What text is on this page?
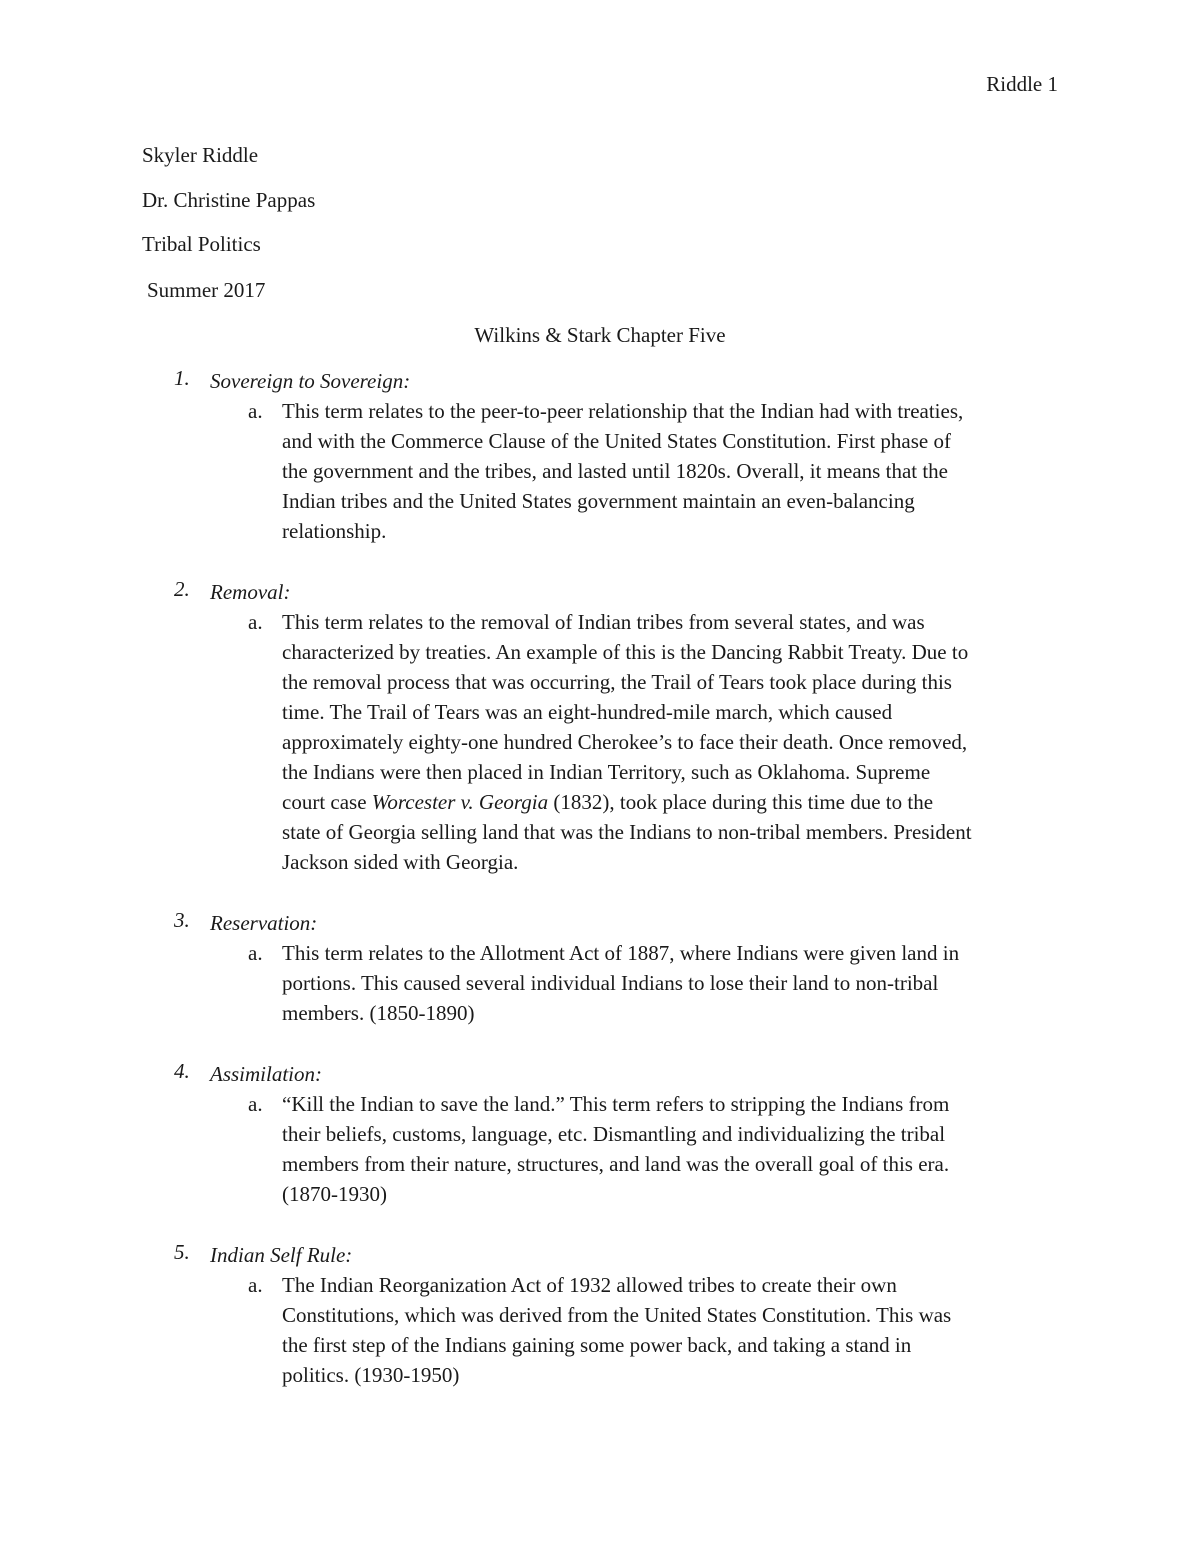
Riddle 1
Skyler Riddle
Dr. Christine Pappas
Tribal Politics
Summer 2017
Wilkins & Stark Chapter Five
1. Sovereign to Sovereign:
a. This term relates to the peer-to-peer relationship that the Indian had with treaties,
and with the Commerce Clause of the United States Constitution. First phase of
the government and the tribes, and lasted until 1820s. Overall, it means that the
Indian tribes and the United States government maintain an even-balancing
relationship.
2. Removal:
a. This term relates to the removal of Indian tribes from several states, and was
characterized by treaties. An example of this is the Dancing Rabbit Treaty. Due to
the removal process that was occurring, the Trail of Tears took place during this
time. The Trail of Tears was an eight-hundred-mile march, which caused
approximately eighty-one hundred Cherokee’s to face their death. Once removed,
the Indians were then placed in Indian Territory, such as Oklahoma. Supreme
court case Worcester v. Georgia (1832), took place during this time due to the
state of Georgia selling land that was the Indians to non-tribal members. President
Jackson sided with Georgia.
3. Reservation:
a. This term relates to the Allotment Act of 1887, where Indians were given land in
portions. This caused several individual Indians to lose their land to non-tribal
members. (1850-1890)
4. Assimilation:
a. “Kill the Indian to save the land.” This term refers to stripping the Indians from
their beliefs, customs, language, etc. Dismantling and individualizing the tribal
members from their nature, structures, and land was the overall goal of this era.
(1870-1930)
5. Indian Self Rule:
a. The Indian Reorganization Act of 1932 allowed tribes to create their own
Constitutions, which was derived from the United States Constitution. This was
the first step of the Indians gaining some power back, and taking a stand in
politics. (1930-1950)
